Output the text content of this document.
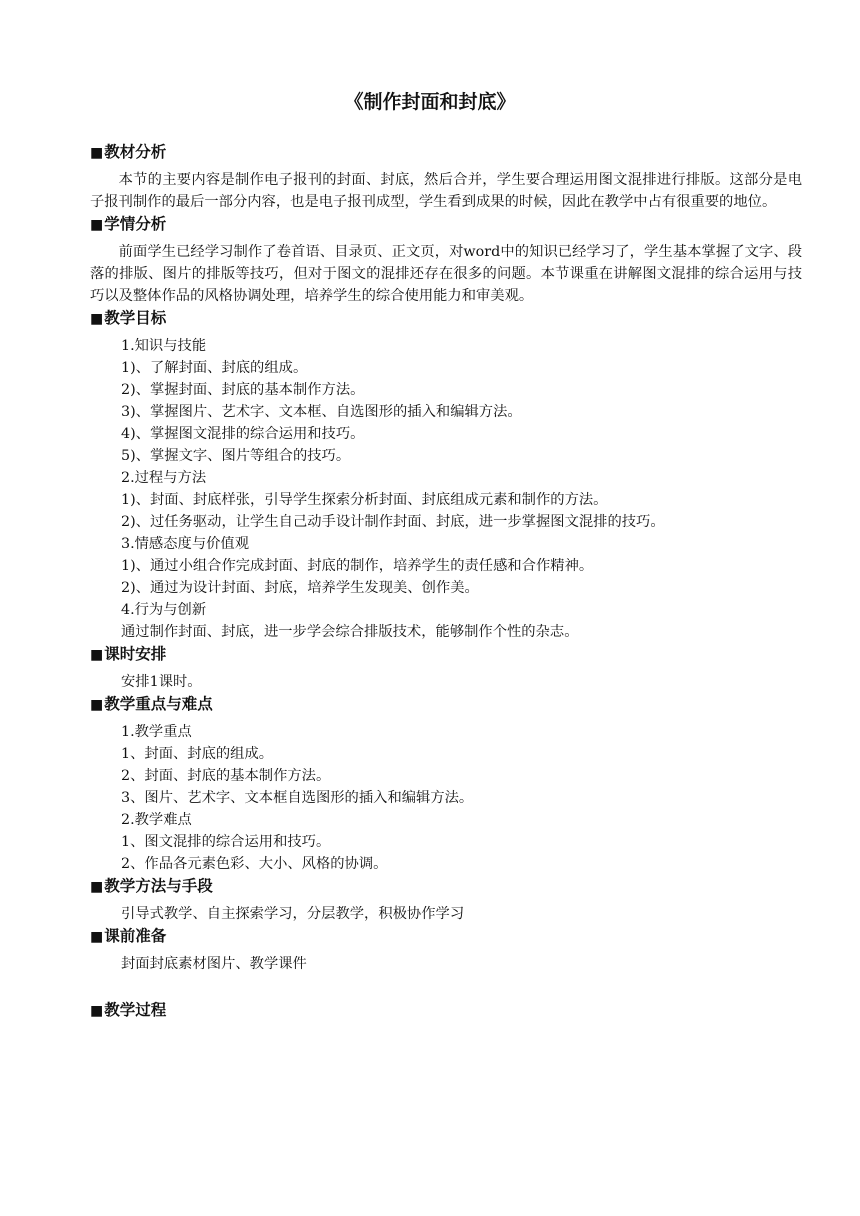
《制作封面和封底》
■教材分析

本节的主要内容是制作电子报刊的封面、封底，然后合并，学生要合理运用图文混排进行排版。这部分是电子报刊制作的最后一部分内容，也是电子报刊成型，学生看到成果的时候，因此在教学中占有很重要的地位。

■学情分析

前面学生已经学习制作了卷首语、目录页、正文页，对word中的知识已经学习了，学生基本掌握了文字、段落的排版、图片的排版等技巧，但对于图文的混排还存在很多的问题。本节课重在讲解图文混排的综合运用与技巧以及整体作品的风格协调处理，培养学生的综合使用能力和审美观。

■教学目标

1.知识与技能

1)、了解封面、封底的组成。

2)、掌握封面、封底的基本制作方法。

3)、掌握图片、艺术字、文本框、自选图形的插入和编辑方法。

4)、掌握图文混排的综合运用和技巧。

5)、掌握文字、图片等组合的技巧。

2.过程与方法

1)、封面、封底样张，引导学生探索分析封面、封底组成元素和制作的方法。

2)、过任务驱动，让学生自己动手设计制作封面、封底，进一步掌握图文混排的技巧。

3.情感态度与价值观

1)、通过小组合作完成封面、封底的制作，培养学生的责任感和合作精神。

2)、通过为设计封面、封底，培养学生发现美、创作美。

4.行为与创新

通过制作封面、封底，进一步学会综合排版技术，能够制作个性的杂志。

■课时安排

安排1课时。

■教学重点与难点

1.教学重点

1、封面、封底的组成。

2、封面、封底的基本制作方法。

3、图片、艺术字、文本框自选图形的插入和编辑方法。

2.教学难点

1、图文混排的综合运用和技巧。

2、作品各元素色彩、大小、风格的协调。

■教学方法与手段

引导式教学、自主探索学习，分层教学，积极协作学习

■课前准备

封面封底素材图片、教学课件

■教学过程
